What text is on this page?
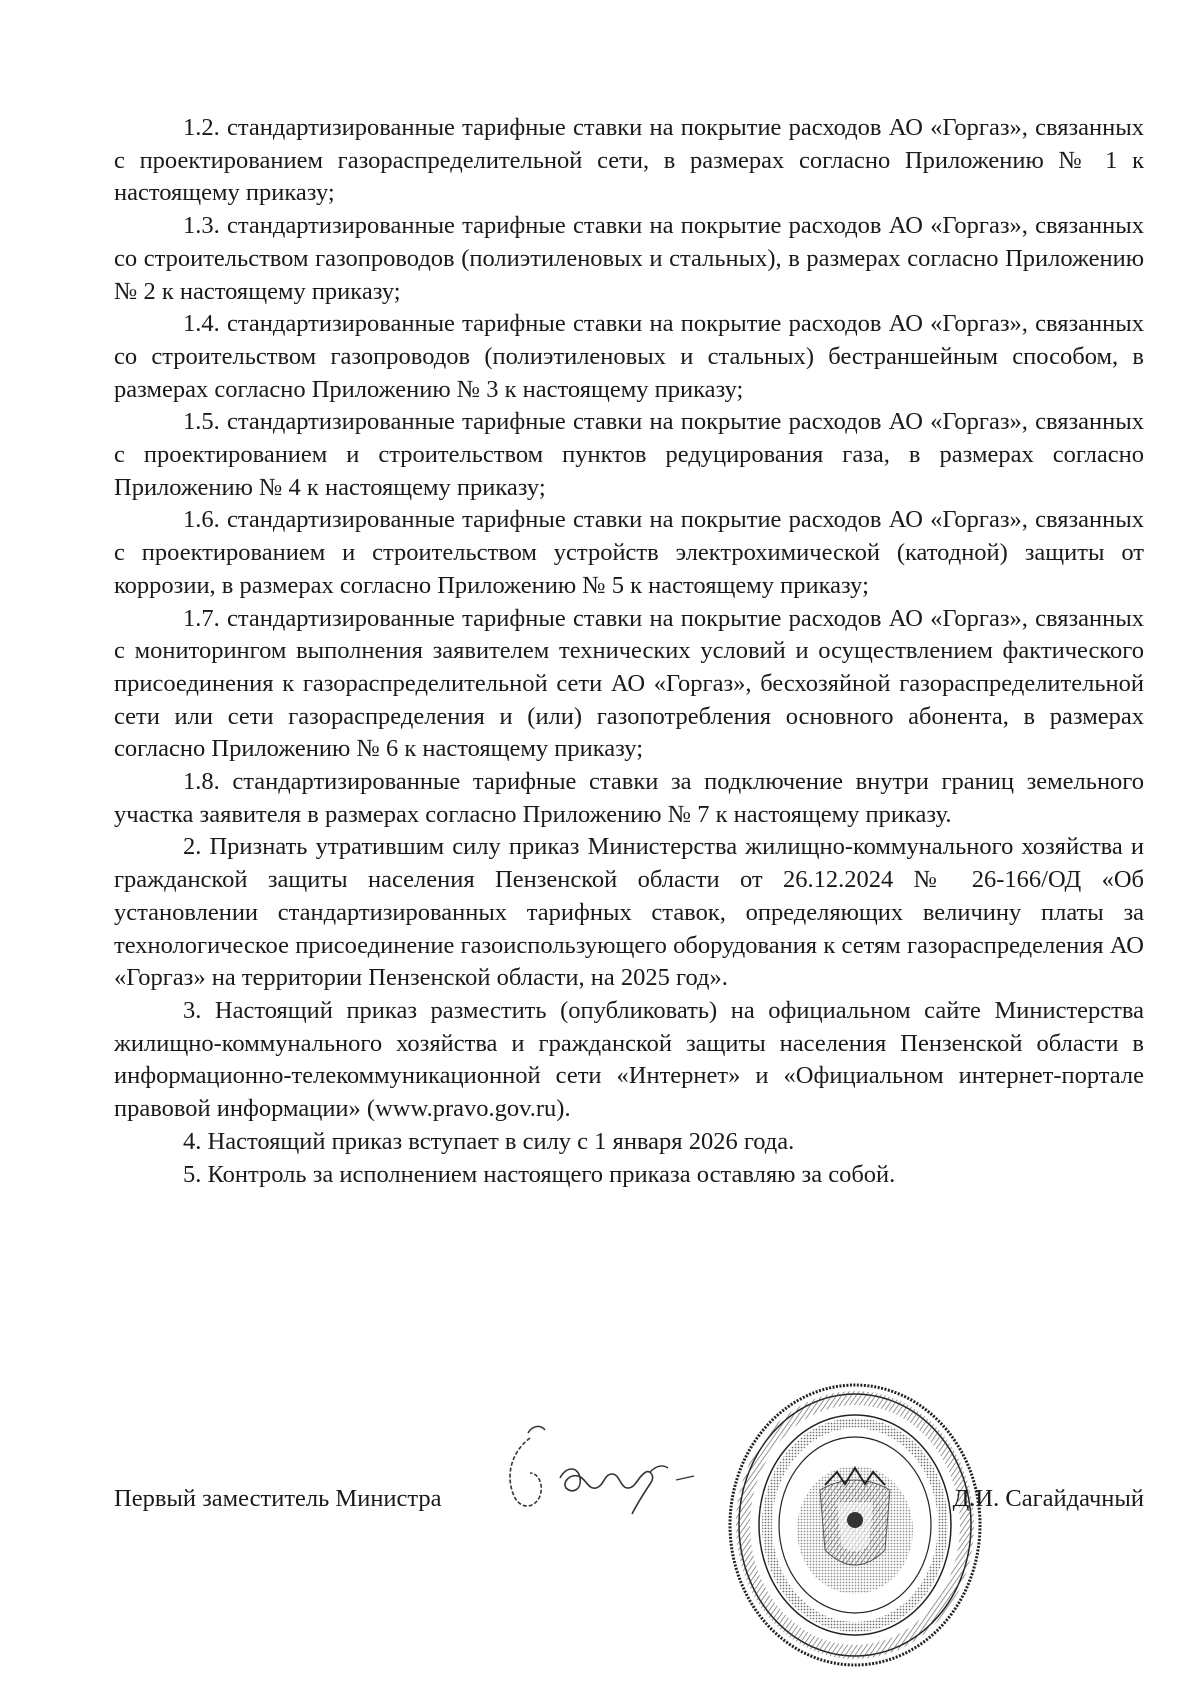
1.2. стандартизированные тарифные ставки на покрытие расходов АО «Горгаз», связанных с проектированием газораспределительной сети, в размерах согласно Приложению № 1 к настоящему приказу;

1.3. стандартизированные тарифные ставки на покрытие расходов АО «Горгаз», связанных со строительством газопроводов (полиэтиленовых и стальных), в размерах согласно Приложению № 2 к настоящему приказу;

1.4. стандартизированные тарифные ставки на покрытие расходов АО «Горгаз», связанных со строительством газопроводов (полиэтиленовых и стальных) бестраншейным способом, в размерах согласно Приложению № 3 к настоящему приказу;

1.5. стандартизированные тарифные ставки на покрытие расходов АО «Горгаз», связанных с проектированием и строительством пунктов редуцирования газа, в размерах согласно Приложению № 4 к настоящему приказу;

1.6. стандартизированные тарифные ставки на покрытие расходов АО «Горгаз», связанных с проектированием и строительством устройств электрохимической (катодной) защиты от коррозии, в размерах согласно Приложению № 5 к настоящему приказу;

1.7. стандартизированные тарифные ставки на покрытие расходов АО «Горгаз», связанных с мониторингом выполнения заявителем технических условий и осуществлением фактического присоединения к газораспределительной сети АО «Горгаз», бесхозяйной газораспределительной сети или сети газораспределения и (или) газопотребления основного абонента, в размерах согласно Приложению № 6 к настоящему приказу;

1.8. стандартизированные тарифные ставки за подключение внутри границ земельного участка заявителя в размерах согласно Приложению № 7 к настоящему приказу.

2. Признать утратившим силу приказ Министерства жилищно-коммунального хозяйства и гражданской защиты населения Пензенской области от 26.12.2024 № 26-166/ОД «Об установлении стандартизированных тарифных ставок, определяющих величину платы за технологическое присоединение газоиспользующего оборудования к сетям газораспределения АО «Горгаз» на территории Пензенской области, на 2025 год».

3. Настоящий приказ разместить (опубликовать) на официальном сайте Министерства жилищно-коммунального хозяйства и гражданской защиты населения Пензенской области в информационно-телекоммуникационной сети «Интернет» и «Официальном интернет-портале правовой информации» (www.pravo.gov.ru).

4. Настоящий приказ вступает в силу с 1 января 2026 года.

5. Контроль за исполнением настоящего приказа оставляю за собой.

Первый заместитель Министра	Д.И. Сагайдачный
